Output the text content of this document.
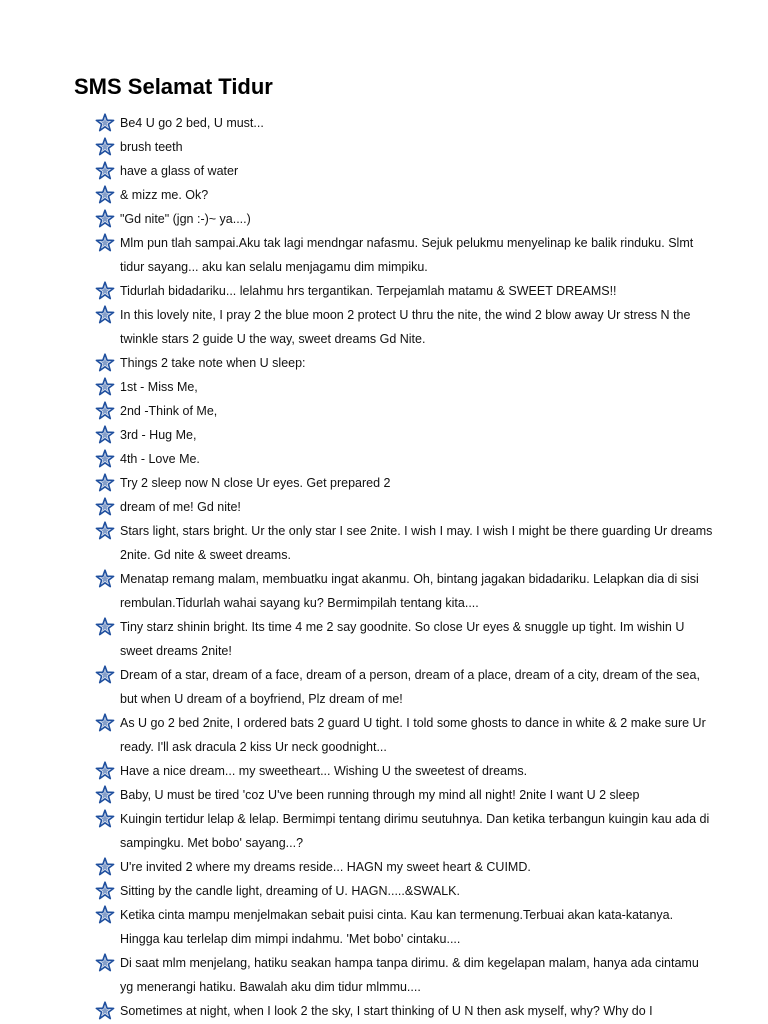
SMS Selamat Tidur
Be4 U go 2 bed, U must...
brush teeth
have a glass of water
& mizz me. Ok?
"Gd nite" (jgn :-)~ ya....)
Mlm pun tlah sampai.Aku tak lagi mendngar nafasmu. Sejuk pelukmu menyelinap ke balik rinduku. Slmt tidur sayang... aku kan selalu menjagamu dim mimpiku.
Tidurlah bidadariku... lelahmu hrs tergantikan. Terpejamlah matamu & SWEET DREAMS!!
In this lovely nite, I pray 2 the blue moon 2 protect U thru the nite, the wind 2 blow away Ur stress N the twinkle stars 2 guide U the way, sweet dreams Gd Nite.
Things 2 take note when U sleep:
1st - Miss Me,
2nd -Think of Me,
3rd - Hug Me,
4th - Love Me.
Try 2 sleep now N close Ur eyes. Get prepared 2
dream of me! Gd nite!
Stars light, stars bright. Ur the only star I see 2nite. I wish I may. I wish I might be there guarding Ur dreams 2nite. Gd nite & sweet dreams.
Menatap remang malam, membuatku ingat akanmu. Oh, bintang jagakan bidadariku. Lelapkan dia di sisi rembulan.Tidurlah wahai sayang ku? Bermimpilah tentang kita....
Tiny starz shinin bright. Its time 4 me 2 say goodnite. So close Ur eyes & snuggle up tight. Im wishin U sweet dreams 2nite!
Dream of a star, dream of a face, dream of a person, dream of a place, dream of a city, dream of the sea, but when U dream of a boyfriend, Plz dream of me!
As U go 2 bed 2nite, I ordered bats 2 guard U tight. I told some ghosts to dance in white & 2 make sure Ur ready. I'll ask dracula 2 kiss Ur neck goodnight...
Have a nice dream... my sweetheart... Wishing U the sweetest of dreams.
Baby, U must be tired 'coz U've been running through my mind all night! 2nite I want U 2 sleep
Kuingin tertidur lelap & lelap. Bermimpi tentang dirimu seutuhnya. Dan ketika terbangun kuingin kau ada di sampingku. Met bobo' sayang...?
U're invited 2 where my dreams reside... HAGN my sweet heart & CUIMD.
Sitting by the candle light, dreaming of U. HAGN.....&SWALK.
Ketika cinta mampu menjelmakan sebait puisi cinta. Kau kan termenung.Terbuai akan kata-katanya. Hingga kau terlelap dim mimpi indahmu. 'Met bobo' cintaku....
Di saat mlm menjelang, hatiku seakan hampa tanpa dirimu. & dim kegelapan malam, hanya ada cintamu yg menerangi hatiku. Bawalah aku dim tidur mlmmu....
Sometimes at night, when I look 2 the sky, I start thinking of U N then ask myself, why? Why do I
